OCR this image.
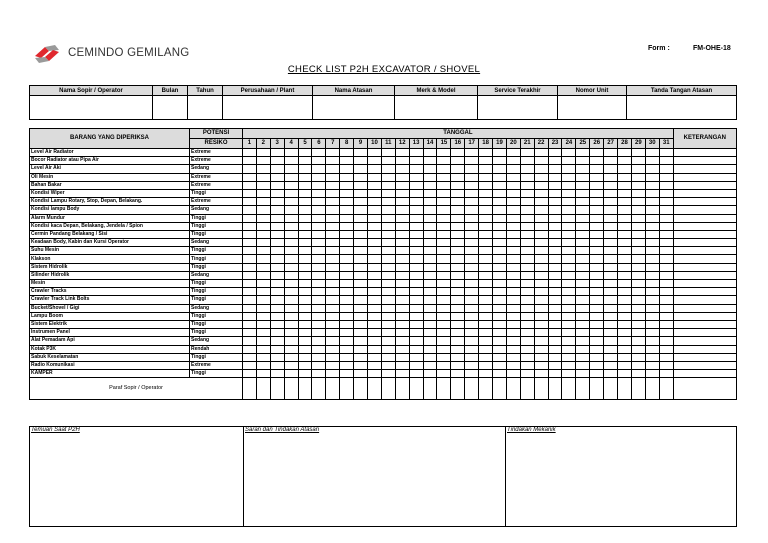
CEMINDO GEMILANG	Form :	FM-OHE-18
CHECK LIST P2H EXCAVATOR / SHOVEL
Nama Sopir / Operator	Bulan	Tahun	Perusahaan / Plant	Nama Atasan	Merk & Model	Service Terakhir	Nomor Unit	Tanda Tangan Atasan

BARANG YANG DIPERIKSA	POTENSI	TANGGAL																															KETERANGAN
	RESIKO	1	2	3	4	5	6	7	8	9	10	11	12	13	14	15	16	17	18	19	20	21	22	23	24	25	26	27	28	29	30	31	
Level Air Radiator	Extreme																																
Bocor Radiator atau Pipa Air	Extreme																																
Level Air Aki	Sedang																																
Oli Mesin	Extreme																																
Bahan Bakar	Extreme																																
Kondisi Wiper	Tinggi																																
Kondisi Lampu Rotary, Stop, Depan, Belakang.	Extreme																																
Kondisi lampu Body	Sedang																																
Alarm Mundur	Tinggi																																
Kondisi kaca Depan, Belakang, Jendela / Spion	Tinggi																																
Cermin Pandang Belakang / Sisi	Tinggi																																
Keadaan Body, Kabin dan Kursi Operator	Sedang																																
Suhu Mesin	Tinggi																																
Klakson	Tinggi																																
Sistem Hidrolik	Tinggi																																
Silinder Hidrolik	Sedang																																
Mesin	Tinggi																																
Crawler Tracks	Tinggi																																
Crawler Track Link Bolts	Tinggi																																
Bucket/Shovel / Gigi	Sedang																																
Lampu Boom	Tinggi																																
Sistem Elektrik	Tinggi																																
Instrumen Panel	Tinggi																																
Alat Pemadam Api	Sedang																																
Kotak P3K	Rendah																																
Sabuk Keselamatan	Tinggi																																
Radio Komunikasi	Extreme																																
KAMPER	Tinggi																																
Paraf Sopir / Operator																																	
Temuan Saat P2H	Saran dan Tindakan Atasan	Tindakan Mekanik
